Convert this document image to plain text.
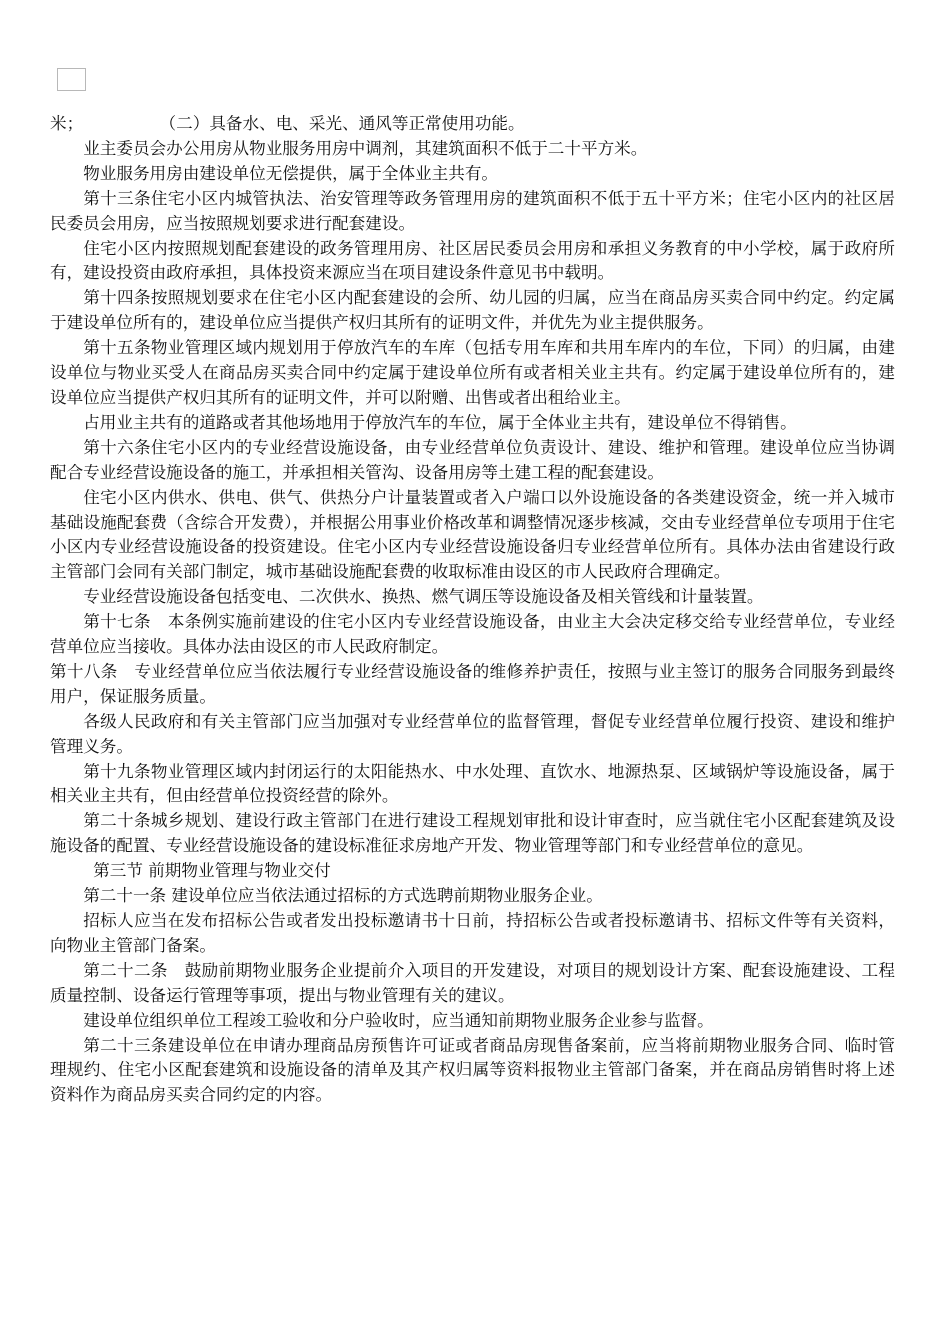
米；	（二）具备水、电、采光、通风等正常使用功能。

业主委员会办公用房从物业服务用房中调剂，其建筑面积不低于二十平方米。

物业服务用房由建设单位无偿提供，属于全体业主共有。

第十三条住宅小区内城管执法、治安管理等政务管理用房的建筑面积不低于五十平方米；住宅小区内的社区居民委员会用房，应当按照规划要求进行配套建设。

住宅小区内按照规划配套建设的政务管理用房、社区居民委员会用房和承担义务教育的中小学校，属于政府所有，建设投资由政府承担，具体投资来源应当在项目建设条件意见书中载明。

第十四条按照规划要求在住宅小区内配套建设的会所、幼儿园的归属，应当在商品房买卖合同中约定。约定属于建设单位所有的，建设单位应当提供产权归其所有的证明文件，并优先为业主提供服务。

第十五条物业管理区域内规划用于停放汽车的车库（包括专用车库和共用车库内的车位，下同）的归属，由建设单位与物业买受人在商品房买卖合同中约定属于建设单位所有或者相关业主共有。约定属于建设单位所有的，建设单位应当提供产权归其所有的证明文件，并可以附赠、出售或者出租给业主。

占用业主共有的道路或者其他场地用于停放汽车的车位，属于全体业主共有，建设单位不得销售。

第十六条住宅小区内的专业经营设施设备，由专业经营单位负责设计、建设、维护和管理。建设单位应当协调配合专业经营设施设备的施工，并承担相关管沟、设备用房等土建工程的配套建设。

住宅小区内供水、供电、供气、供热分户计量装置或者入户端口以外设施设备的各类建设资金，统一并入城市基础设施配套费（含综合开发费），并根据公用事业价格改革和调整情况逐步核减，交由专业经营单位专项用于住宅小区内专业经营设施设备的投资建设。住宅小区内专业经营设施设备归专业经营单位所有。具体办法由省建设行政主管部门会同有关部门制定，城市基础设施配套费的收取标准由设区的市人民政府合理确定。

专业经营设施设备包括变电、二次供水、换热、燃气调压等设施设备及相关管线和计量装置。

第十七条　本条例实施前建设的住宅小区内专业经营设施设备，由业主大会决定移交给专业经营单位，专业经营单位应当接收。具体办法由设区的市人民政府制定。

第十八条　专业经营单位应当依法履行专业经营设施设备的维修养护责任，按照与业主签订的服务合同服务到最终用户，保证服务质量。

各级人民政府和有关主管部门应当加强对专业经营单位的监督管理，督促专业经营单位履行投资、建设和维护管理义务。

第十九条物业管理区域内封闭运行的太阳能热水、中水处理、直饮水、地源热泵、区域锅炉等设施设备，属于相关业主共有，但由经营单位投资经营的除外。

第二十条城乡规划、建设行政主管部门在进行建设工程规划审批和设计审查时，应当就住宅小区配套建筑及设施设备的配置、专业经营设施设备的建设标准征求房地产开发、物业管理等部门和专业经营单位的意见。

第三节 前期物业管理与物业交付

第二十一条 建设单位应当依法通过招标的方式选聘前期物业服务企业。

招标人应当在发布招标公告或者发出投标邀请书十日前，持招标公告或者投标邀请书、招标文件等有关资料，向物业主管部门备案。

第二十二条　鼓励前期物业服务企业提前介入项目的开发建设，对项目的规划设计方案、配套设施建设、工程质量控制、设备运行管理等事项，提出与物业管理有关的建议。

建设单位组织单位工程竣工验收和分户验收时，应当通知前期物业服务企业参与监督。

第二十三条建设单位在申请办理商品房预售许可证或者商品房现售备案前，应当将前期物业服务合同、临时管理规约、住宅小区配套建筑和设施设备的清单及其产权归属等资料报物业主管部门备案，并在商品房销售时将上述资料作为商品房买卖合同约定的内容。
